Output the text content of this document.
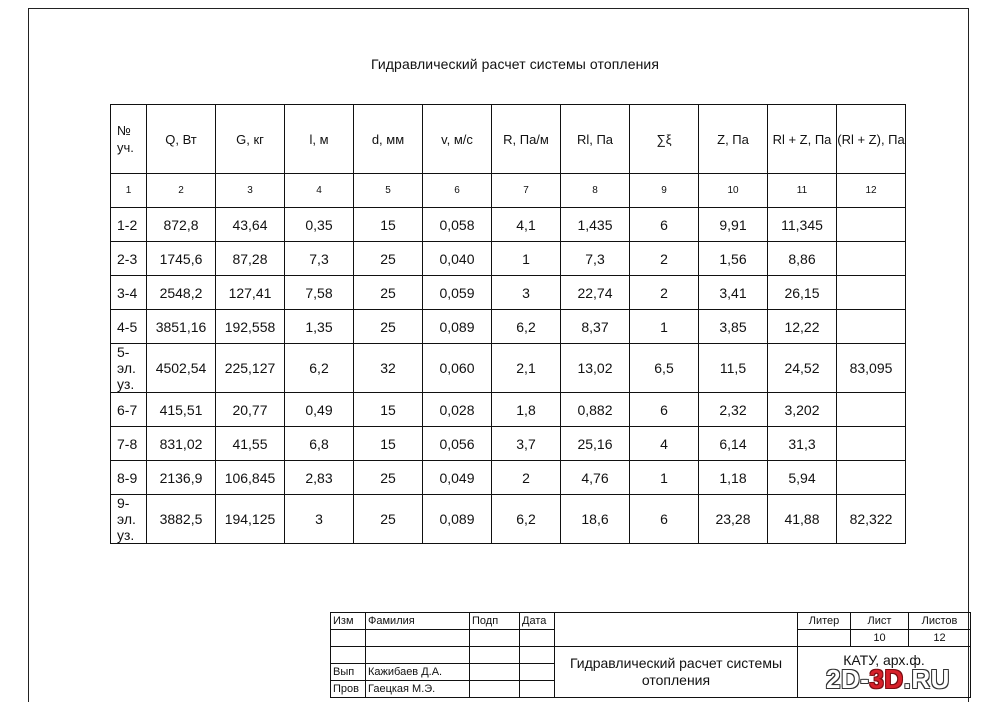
Гидравлический расчет системы отопления
№ уч.	Q, Вт	G, кг	l, м	d, мм	v, м/с	R, Па/м	Rl, Па	∑ξ	Z, Па	Rl + Z, Па	(Rl + Z), Па
1	2	3	4	5	6	7	8	9	10	11	12
1-2	872,8	43,64	0,35	15	0,058	4,1	1,435	6	9,91	11,345	
2-3	1745,6	87,28	7,3	25	0,040	1	7,3	2	1,56	8,86	
3-4	2548,2	127,41	7,58	25	0,059	3	22,74	2	3,41	26,15	
4-5	3851,16	192,558	1,35	25	0,089	6,2	8,37	1	3,85	12,22	
5-эл. уз.	4502,54	225,127	6,2	32	0,060	2,1	13,02	6,5	11,5	24,52	83,095
6-7	415,51	20,77	0,49	15	0,028	1,8	0,882	6	2,32	3,202	
7-8	831,02	41,55	6,8	15	0,056	3,7	25,16	4	6,14	31,3	
8-9	2136,9	106,845	2,83	25	0,049	2	4,76	1	1,18	5,94	
9-эл. уз.	3882,5	194,125	3	25	0,089	6,2	18,6	6	23,28	41,88	82,322
Изм	Фамилия	Подп	Дата		Литер	Лист	Листов
						10	12
				Гидравлический расчет системы отопления	КАТУ, арх.ф.		
Вып	Кажибаев Д.А.						
Пров	Гаецкая М.Э.							2D-3D.RU
